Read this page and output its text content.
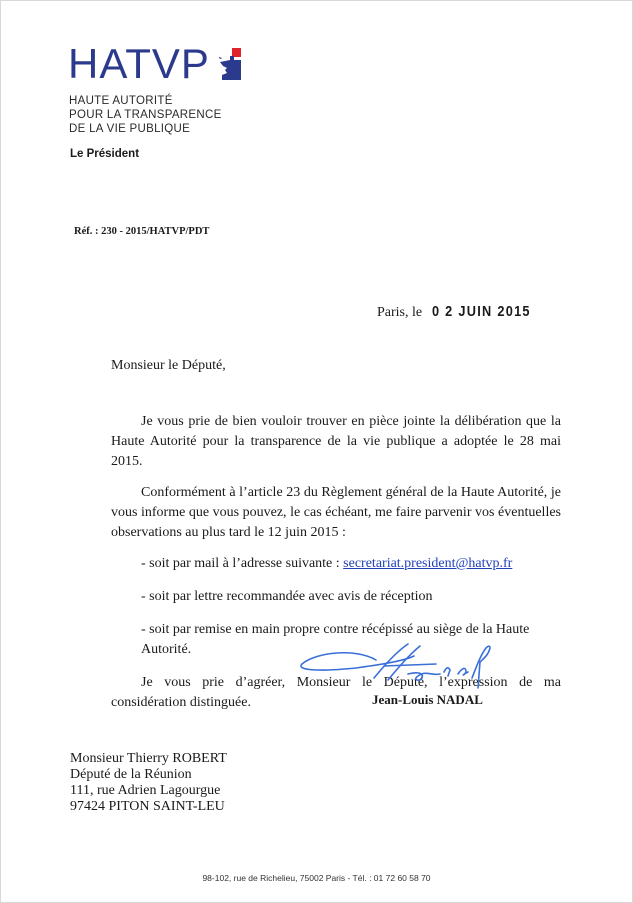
HATVP
HAUTE AUTORITÉ
POUR LA TRANSPARENCE
DE LA VIE PUBLIQUE
Le Président
Réf. : 230 - 2015/HATVP/PDT
Paris, le 0 2 JUIN 2015
Monsieur le Député,

Je vous prie de bien vouloir trouver en pièce jointe la délibération que la Haute Autorité pour la transparence de la vie publique a adoptée le 28 mai 2015.

Conformément à l’article 23 du Règlement général de la Haute Autorité, je vous informe que vous pouvez, le cas échéant, me faire parvenir vos éventuelles observations au plus tard le 12 juin 2015 :

- soit par mail à l’adresse suivante : secretariat.president@hatvp.fr

- soit par lettre recommandée avec avis de réception

- soit par remise en main propre contre récépissé au siège de la Haute Autorité.

Je vous prie d’agréer, Monsieur le Député, l’expression de ma considération distinguée.	Jean-Louis NADAL
Monsieur Thierry ROBERT
Député de la Réunion
111, rue Adrien Lagourgue
97424 PITON SAINT-LEU
98-102, rue de Richelieu, 75002 Paris - Tél. : 01 72 60 58 70
